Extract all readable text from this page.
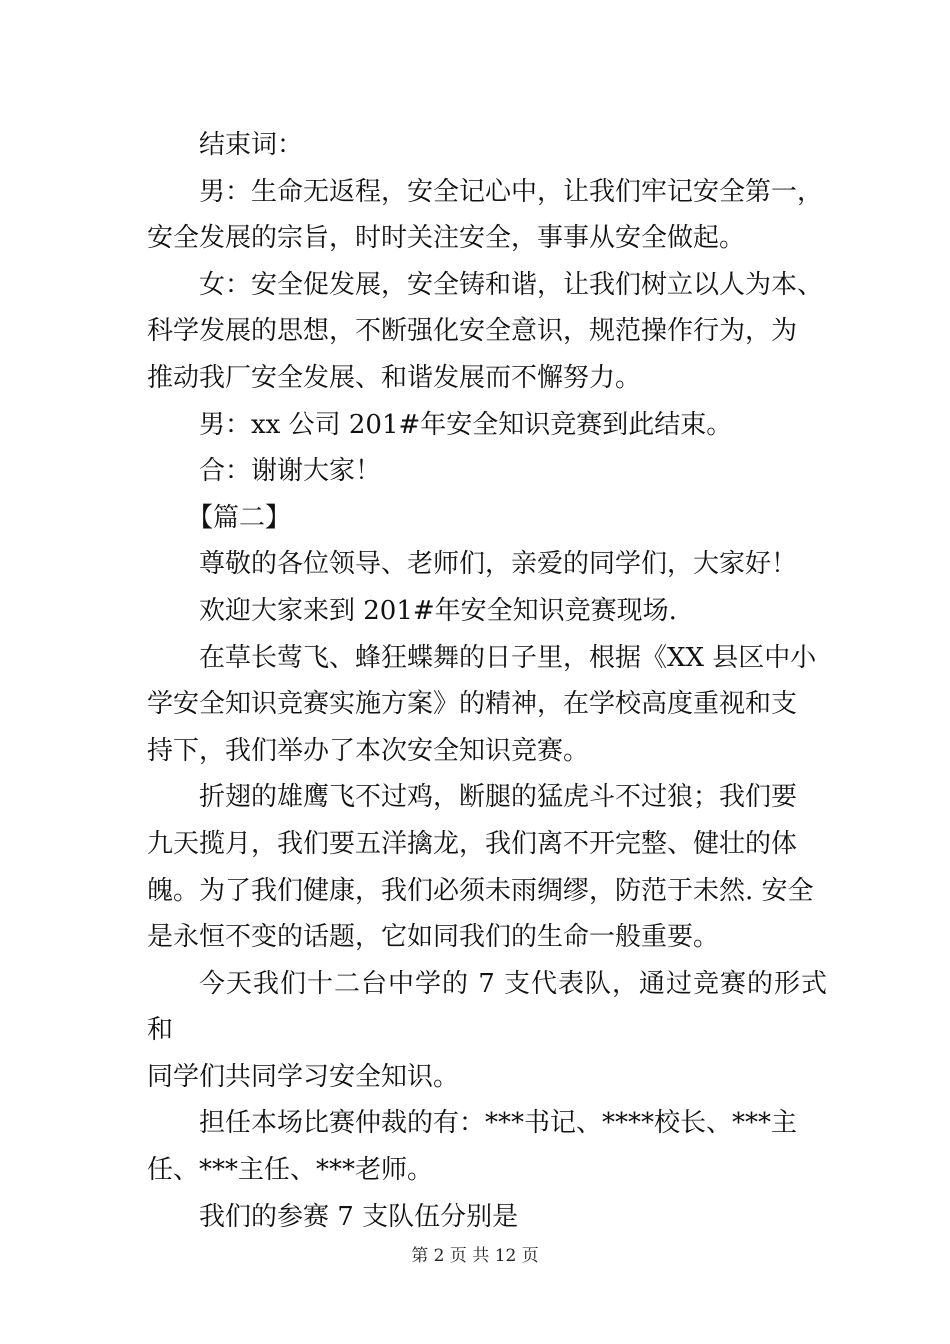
结束词：

男：生命无返程，安全记心中，让我们牢记安全第一，
安全发展的宗旨，时时关注安全，事事从安全做起。

女：安全促发展，安全铸和谐，让我们树立以人为本、
科学发展的思想，不断强化安全意识，规范操作行为，为
推动我厂安全发展、和谐发展而不懈努力。

男：xx 公司 201#年安全知识竞赛到此结束。

合：谢谢大家！

【篇二】

尊敬的各位领导、老师们，亲爱的同学们，大家好！

欢迎大家来到 201#年安全知识竞赛现场.

在草长莺飞、蜂狂蝶舞的日子里，根据《XX 县区中小
学安全知识竞赛实施方案》的精神，在学校高度重视和支
持下，我们举办了本次安全知识竞赛。

折翅的雄鹰飞不过鸡，断腿的猛虎斗不过狼；我们要
九天揽月，我们要五洋擒龙，我们离不开完整、健壮的体
魄。为了我们健康，我们必须未雨绸缪，防范于未然. 安全
是永恒不变的话题，它如同我们的生命一般重要。

今天我们十二台中学的 7 支代表队，通过竞赛的形式和
同学们共同学习安全知识。

担任本场比赛仲裁的有：***书记、****校长、***主
任、***主任、***老师。

我们的参赛 7 支队伍分别是

第 2 页 共 12 页
